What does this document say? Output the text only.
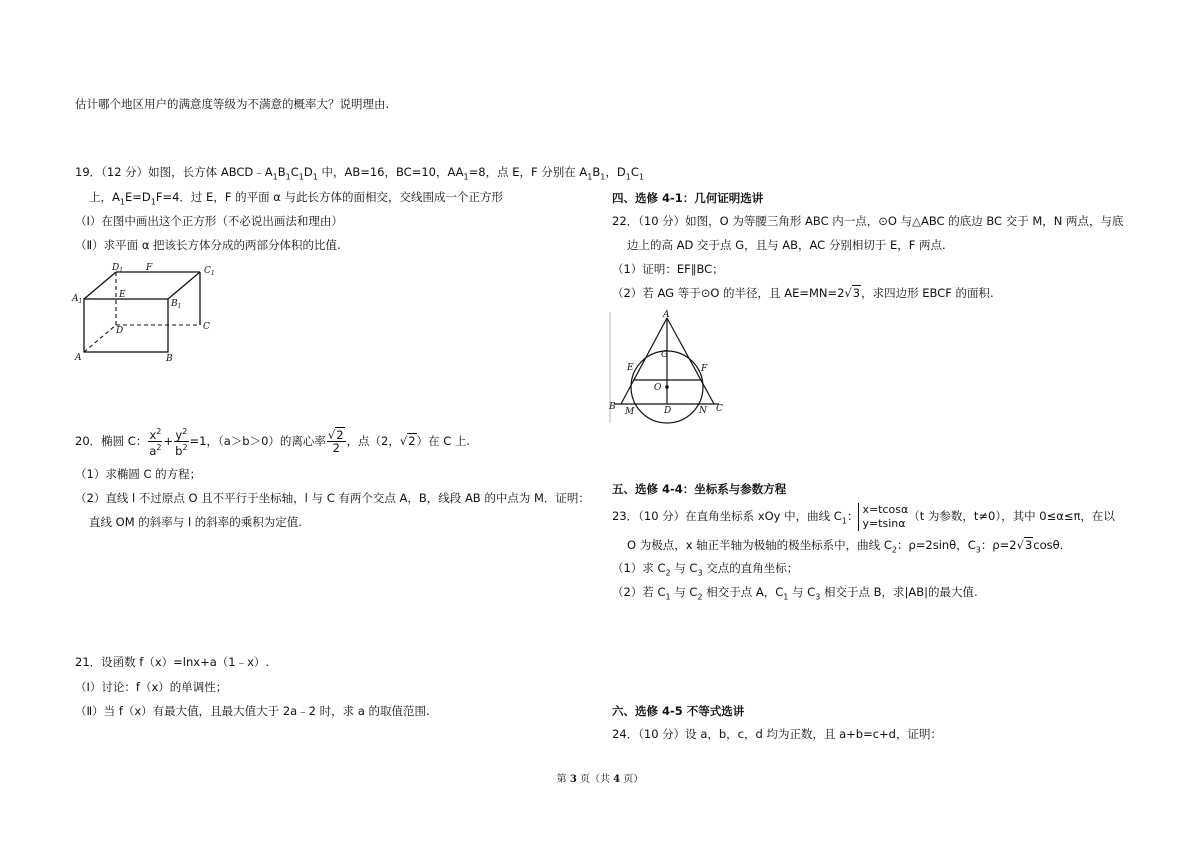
估计哪个地区用户的满意度等级为不满意的概率大？说明理由.
19．（12 分）如图，长方体 $ABCD﹣A_1B_1C_1D_1$ 中，AB=16，BC=10，$AA_1=8$，点 E，F 分别在 $A_1B_1$，$D_1C_1$
上，$A_1E=D_1F=4$．过 E，F 的平面 α 与此长方体的面相交，交线围成一个正方形
（Ⅰ）在图中画出这个正方形（不必说出画法和理由）
（Ⅱ）求平面 α 把该长方体分成的两部分体积的比值.
$D_1$	F	$C_1$
$A_1$
E
$B_1$
D	C
A	B
20．椭圆 C： $\frac{x^2}{a^2} + \frac{y^2}{b^2} =1$，（a＞b＞0）的离心率 $\frac{√2}{2}$ ，点（2，√2）在 C 上.
（1）求椭圆 C 的方程；
（2）直线 l 不过原点 O 且不平行于坐标轴，l 与 C 有两个交点 A，B，线段 AB 的中点为 M．证明：
直线 OM 的斜率与 l 的斜率的乘积为定值.
21．设函数 f（x）=lnx+a（1﹣x）.
（Ⅰ）讨论：f（x）的单调性；
（Ⅱ）当 f（x）有最大值，且最大值大于 2a﹣2 时，求 a 的取值范围.
四、选修 4-1：几何证明选讲
22．（10 分）如图，O 为等腰三角形 ABC 内一点，⊙O 与△ABC 的底边 BC 交于 M，N 两点，与底
边上的高 AD 交于点 G，且与 AB，AC 分别相切于 E，F 两点.
（1）证明：EF∥BC；
（2）若 AG 等于⊙O 的半径，且 AE=MN=2√3，求四边形 EBCF 的面积.
A
G
E	F
O
B M	D	N C
五、选修 4-4：坐标系与参数方程
23．（10 分）在直角坐标系 xOy 中，曲线 $C_1$： x=tcosα
y=tsinα （t 为参数，t≠0），其中 0≤α≤π，在以
O 为极点，x 轴正半轴为极轴的极坐标系中，曲线 $C_2$：ρ=2sinθ，$C_3$：ρ=2√3cosθ.
（1）求 $C_2$ 与 $C_3$ 交点的直角坐标；
（2）若 $C_1$ 与 $C_2$ 相交于点 A，$C_1$ 与 $C_3$ 相交于点 B，求|AB|的最大值.
六、选修 4-5 不等式选讲
24．（10 分）设 a，b，c，d 均为正数，且 a+b=c+d，证明：
第 3 页（共 4 页）
